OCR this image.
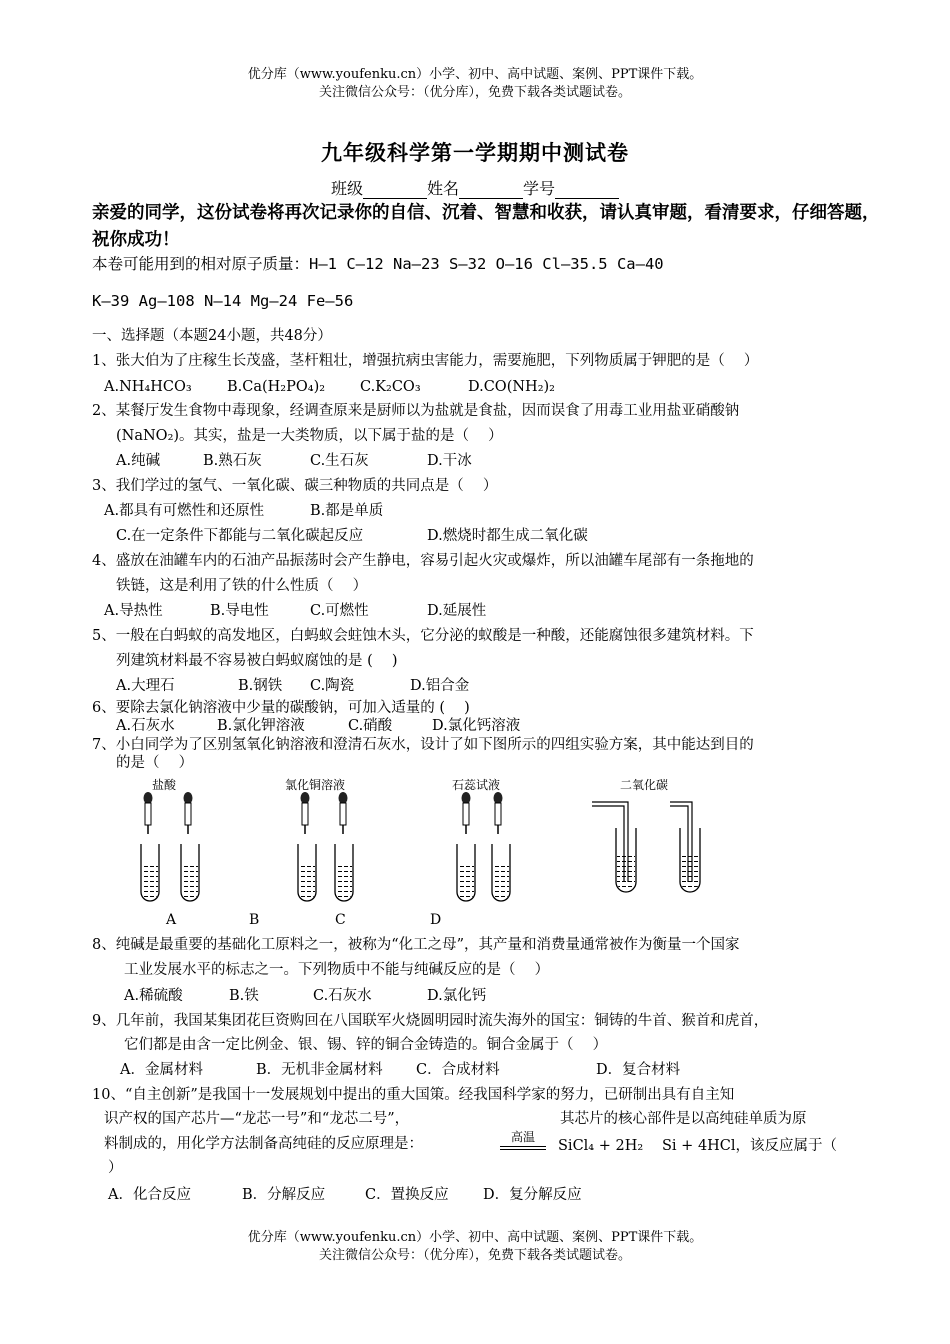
优分库（www.youfenku.cn）小学、初中、高中试题、案例、PPT课件下载。
关注微信公众号：（优分库），免费下载各类试题试卷。
九年级科学第一学期期中测试卷
班级	姓名	学号
亲爱的同学，这份试卷将再次记录你的自信、沉着、智慧和收获，请认真审题，看清要求，仔细答题，祝你成功！
本卷可能用到的相对原子质量：H—1 C—12 Na—23 S—32 O—16 Cl—35.5 Ca—40
K—39 Ag—108 N—14 Mg—24 Fe—56
一、选择题（本题24小题，共48分）
1、张大伯为了庄稼生长茂盛，茎杆粗壮，增强抗病虫害能力，需要施肥，下列物质属于钾肥的是（　 ）
A.NH₄HCO₃ B.Ca(H₂PO₄)₂ C.K₂CO₃	D.CO(NH₂)₂
2、某餐厅发生食物中毒现象，经调查原来是厨师以为盐就是食盐，因而误食了用毒工业用盐亚硝酸钠
(NaNO₂)。其实，盐是一大类物质，以下属于盐的是（　 ）
A.纯碱	B.熟石灰	C.生石灰	D.干冰
3、我们学过的氢气、一氧化碳、碳三种物质的共同点是（　 ）
A.都具有可燃性和还原性	B.都是单质
C.在一定条件下都能与二氧化碳起反应	D.燃烧时都生成二氧化碳
4、盛放在油罐车内的石油产品振荡时会产生静电，容易引起火灾或爆炸，所以油罐车尾部有一条拖地的
铁链，这是利用了铁的什么性质（　 ）
A.导热性	B.导电性	C.可燃性	D.延展性
5、一般在白蚂蚁的高发地区，白蚂蚁会蛀蚀木头，它分泌的蚁酸是一种酸，还能腐蚀很多建筑材料。下
列建筑材料最不容易被白蚂蚁腐蚀的是 (　 )
A.大理石	B.钢铁 C.陶瓷	D.铝合金
6、要除去氯化钠溶液中少量的碳酸钠，可加入适量的 (　 )
A.石灰水	B.氯化钾溶液	C.硝酸	D.氯化钙溶液
7、小白同学为了区别氢氧化钠溶液和澄清石灰水，设计了如下图所示的四组实验方案，其中能达到目的
的是（　 ）
盐酸	氯化铜溶液	石蕊试液	二氧化碳
A	B	C	D
8、纯碱是最重要的基础化工原料之一，被称为“化工之母”，其产量和消费量通常被作为衡量一个国家
工业发展水平的标志之一。下列物质中不能与纯碱反应的是（　 ）
A.稀硫酸	B.铁	C.石灰水	D.氯化钙
9、几年前，我国某集团花巨资购回在八国联军火烧圆明园时流失海外的国宝：铜铸的牛首、猴首和虎首，
它们都是由含一定比例金、银、锡、锌的铜合金铸造的。铜合金属于（　 ）
A．金属材料	B．无机非金属材料 C．合成材料	D．复合材料
10、“自主创新”是我国十一发展规划中提出的重大国策。经我国科学家的努力，已研制出具有自主知
识产权的国产芯片—“龙芯一号”和“龙芯二号”，	其芯片的核心部件是以高纯硅单质为原
料制成的，用化学方法制备高纯硅的反应原理是：	高温
SiCl₄ + 2H₂ Si + 4HCl，该反应属于（
）
A．化合反应	B．分解反应	C．置换反应 D．复分解反应
优分库（www.youfenku.cn）小学、初中、高中试题、案例、PPT课件下载。
关注微信公众号：（优分库），免费下载各类试题试卷。
